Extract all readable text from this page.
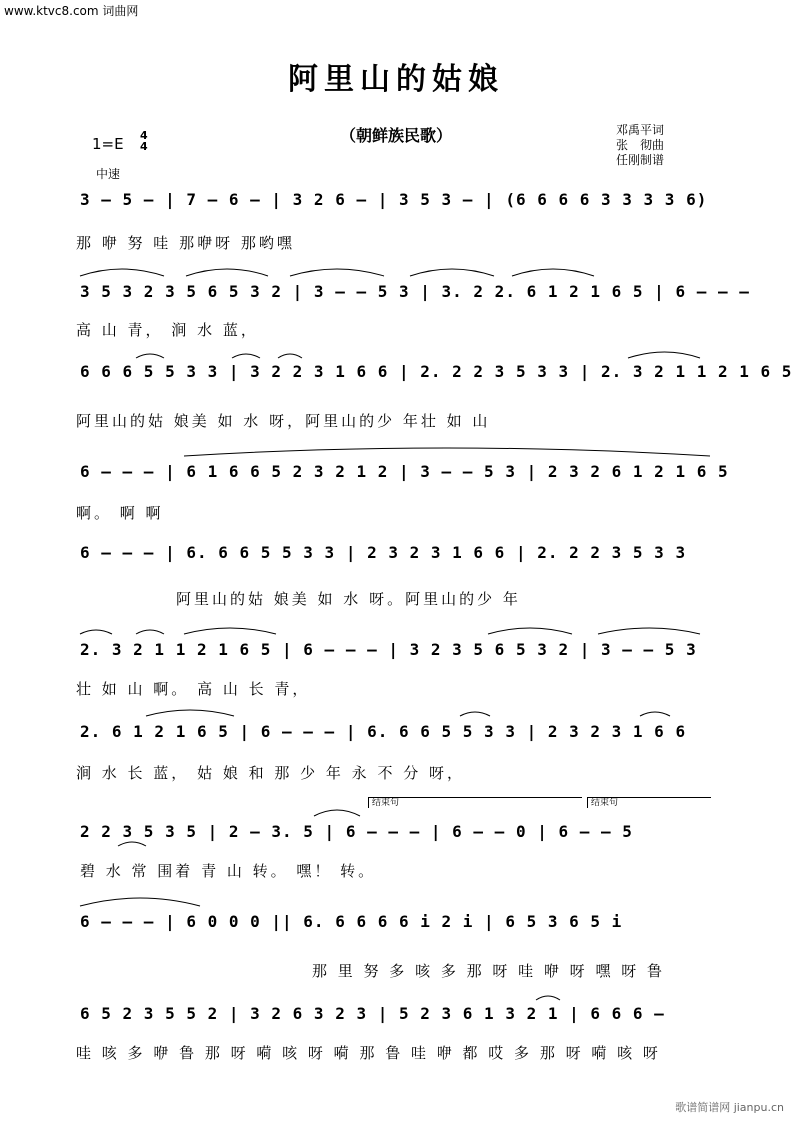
www.ktvc8.com 词曲网
阿里山的姑娘
（朝鲜族民歌）	邓禹平词
张　彻曲
任刚制谱
1=E 4
4
中速
3 – 5 – | 7 – 6 – | 3 2 6 – | 3 5 3 – | (6 6 6 6 3 3 3 3 6)
那 咿 努 哇 那咿呀 那哟嘿
3 5 3 2 3 5 6 5 3 2 | 3 – – 5 3 | 3. 2 2. 6 1 2 1 6 5 | 6 – – –
高 山 青， 涧 水 蓝，
6 6 6 5 5 3 3 | 3 2 2 3 1 6 6 | 2. 2 2 3 5 3 3 | 2. 3 2 1 1 2 1 6 5
阿里山的姑 娘美 如 水 呀，阿里山的少 年壮 如 山
6 – – – | 6 1 6 6 5 2 3 2 1 2 | 3 – – 5 3 | 2 3 2 6 1 2 1 6 5
啊。 啊 啊
6 – – – | 6. 6 6 5 5 3 3 | 2 3 2 3 1 6 6 | 2. 2 2 3 5 3 3
阿里山的姑 娘美 如 水 呀。阿里山的少 年
2. 3 2 1 1 2 1 6 5 | 6 – – – | 3 2 3 5 6 5 3 2 | 3 – – 5 3
壮 如 山 啊。 高 山 长 青，
2. 6 1 2 1 6 5 | 6 – – – | 6. 6 6 5 5 3 3 | 2 3 2 3 1 6 6
涧 水 长 蓝， 姑 娘 和 那 少 年 永 不 分 呀，
结束句	结束句
2 2 3 5 3 5 | 2 – 3. 5 | 6 – – – | 6 – – 0 | 6 – – 5
碧 水 常 围着 青 山 转。 嘿！ 转。
6 – – – | 6 0 0 0 || 6. 6 6 6 6 i 2 i | 6 5 3 6 5 i
那 里 努 多 咳 多 那 呀 哇 咿 呀 嘿 呀 鲁
6 5 2 3 5 5 2 | 3 2 6 3 2 3 | 5 2 3 6 1 3 2 1 | 6 6 6 –
哇 咳 多 咿 鲁 那 呀 嗬 咳 呀 嗬 那 鲁 哇 咿 都 哎 多 那 呀 嗬 咳 呀
歌谱简谱网 jianpu.cn
